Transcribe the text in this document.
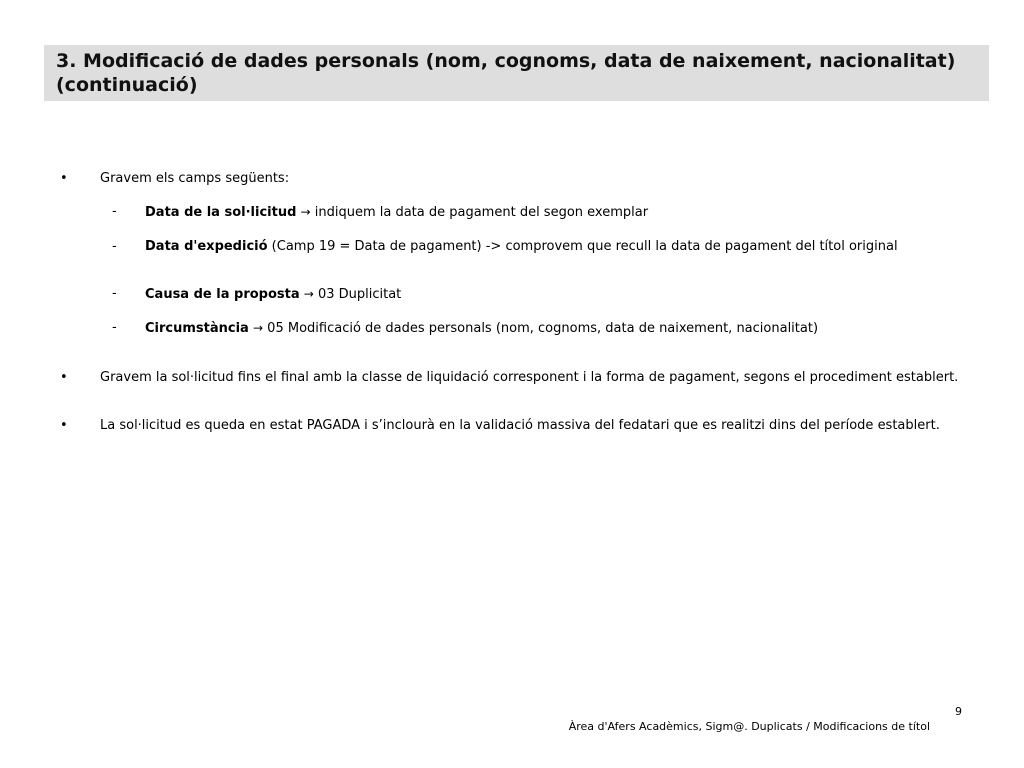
3. Modificació de dades personals (nom, cognoms, data de naixement, nacionalitat) (continuació)

• Gravem els camps següents:
- Data de la sol·licitud → indiquem la data de pagament del segon exemplar
- Data d'expedició (Camp 19 = Data de pagament) -> comprovem que recull la data de pagament del títol original
- Causa de la proposta → 03 Duplicitat
- Circumstància → 05 Modificació de dades personals (nom, cognoms, data de naixement, nacionalitat)
• Gravem la sol·licitud fins el final amb la classe de liquidació corresponent i la forma de pagament, segons el procediment establert.
• La sol·licitud es queda en estat PAGADA i s’inclourà en la validació massiva del fedatari que es realitzi dins del període establert.
9
Àrea d'Afers Acadèmics, Sigm@. Duplicats / Modificacions de títol
